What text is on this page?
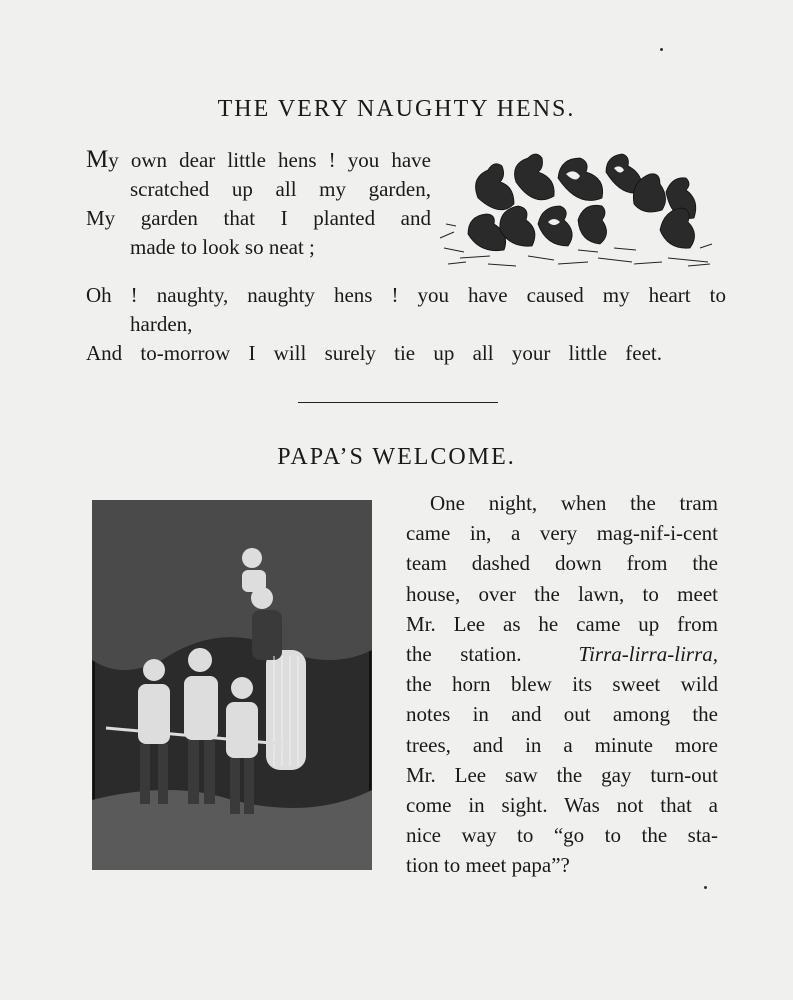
THE VERY NAUGHTY HENS.
My own dear little hens ! you have
scratched up all my garden,
My garden that I planted and
made to look so neat ;
Oh ! naughty, naughty hens ! you have caused my heart to
harden,
And to-morrow I will surely tie up all your little feet.
PAPA’S WELCOME.
One night, when the tram
came in, a very mag-nif-i-cent
team dashed down from the
house, over the lawn, to meet
Mr. Lee as he came up from
the station.	Tirra-lirra-lirra,
the horn blew its sweet wild
notes in and out among the
trees, and in a minute more
Mr. Lee saw the gay turn-out
come in sight. Was not that a
nice way to “go to the sta-
tion to meet papa”?
